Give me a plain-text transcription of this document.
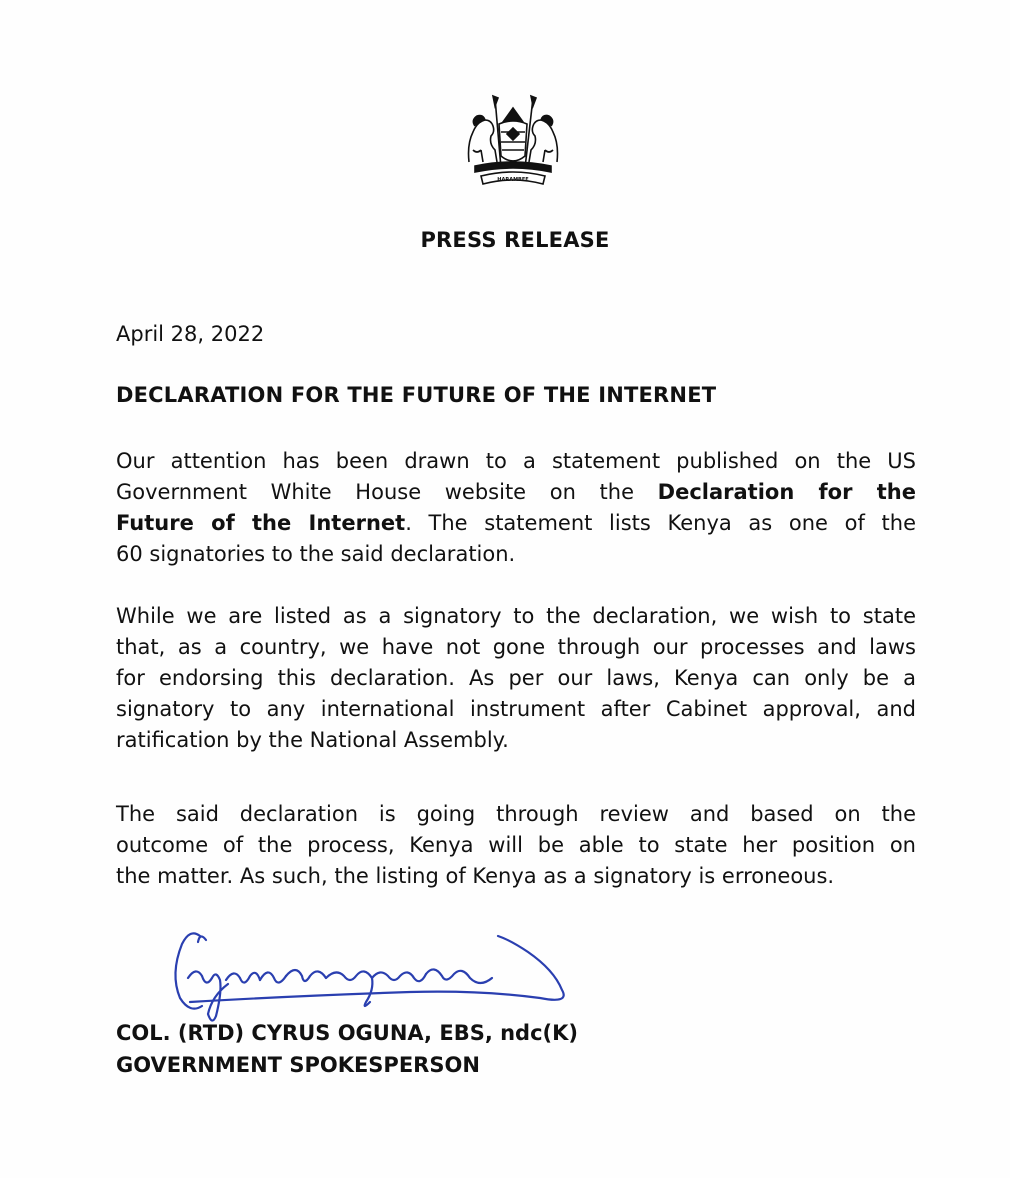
HARAMBEE
PRESS RELEASE
April 28, 2022
DECLARATION FOR THE FUTURE OF THE INTERNET
Our attention has been drawn to a statement published on the US
Government White House website on the Declaration for the
Future of the Internet. The statement lists Kenya as one of the
60 signatories to the said declaration.
While we are listed as a signatory to the declaration, we wish to state
that, as a country, we have not gone through our processes and laws
for endorsing this declaration. As per our laws, Kenya can only be a
signatory to any international instrument after Cabinet approval, and
ratification by the National Assembly.
The said declaration is going through review and based on the
outcome of the process, Kenya will be able to state her position on
the matter. As such, the listing of Kenya as a signatory is erroneous.
COL. (RTD) CYRUS OGUNA, EBS, ndc(K)
GOVERNMENT SPOKESPERSON
